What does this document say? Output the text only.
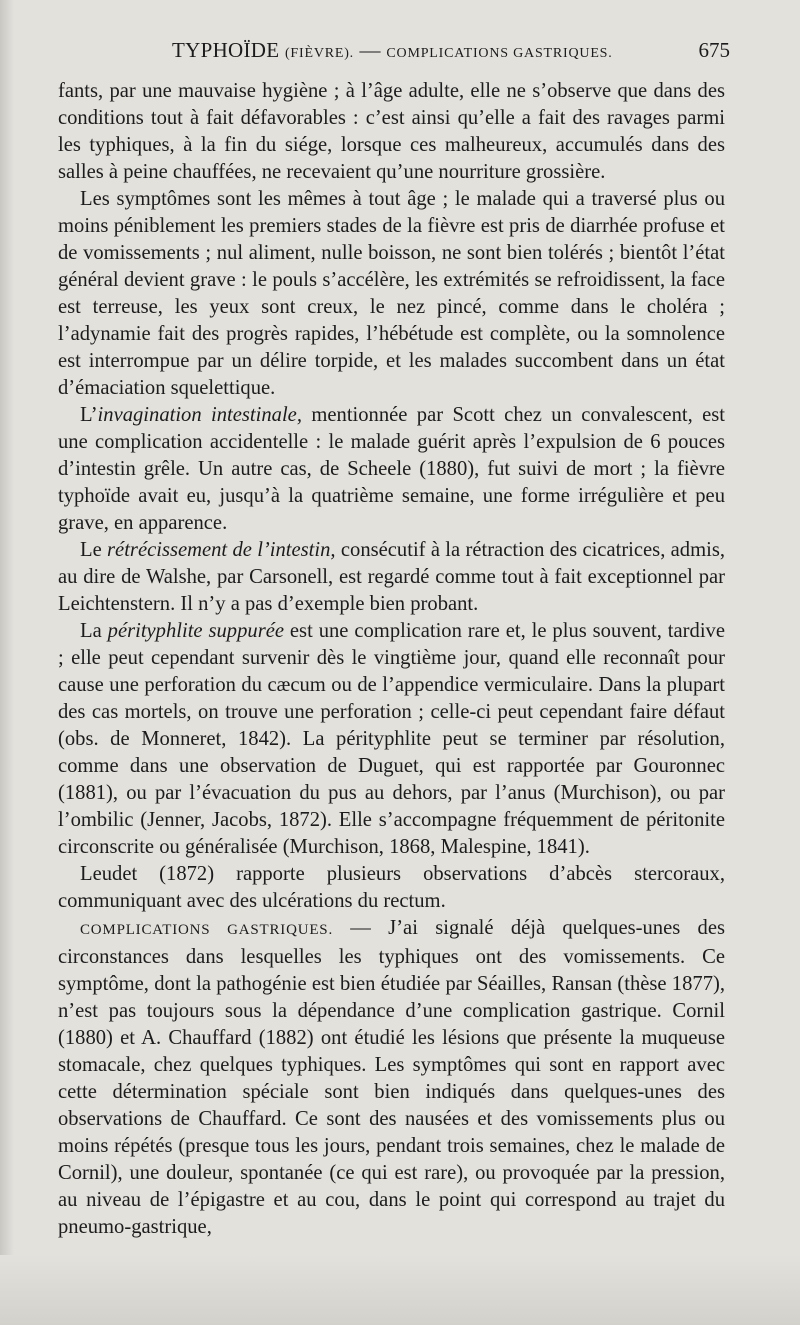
TYPHOÏDE (FIÈVRE). — COMPLICATIONS GASTRIQUES.	675

fants, par une mauvaise hygiène ; à l’âge adulte, elle ne s’observe que dans des conditions tout à fait défavorables : c’est ainsi qu’elle a fait des ravages parmi les typhiques, à la fin du siége, lorsque ces malheureux, accumulés dans des salles à peine chauffées, ne recevaient qu’une nourriture grossière.

Les symptômes sont les mêmes à tout âge ; le malade qui a traversé plus ou moins péniblement les premiers stades de la fièvre est pris de diarrhée profuse et de vomissements ; nul aliment, nulle boisson, ne sont bien tolérés ; bientôt l’état général devient grave : le pouls s’accélère, les extrémités se refroidissent, la face est terreuse, les yeux sont creux, le nez pincé, comme dans le choléra ; l’adynamie fait des progrès rapides, l’hébétude est complète, ou la somnolence est interrompue par un délire torpide, et les malades succombent dans un état d’émaciation squelettique.

L’invagination intestinale, mentionnée par Scott chez un convalescent, est une complication accidentelle : le malade guérit après l’expulsion de 6 pouces d’intestin grêle. Un autre cas, de Scheele (1880), fut suivi de mort ; la fièvre typhoïde avait eu, jusqu’à la quatrième semaine, une forme irrégulière et peu grave, en apparence.

Le rétrécissement de l’intestin, consécutif à la rétraction des cicatrices, admis, au dire de Walshe, par Carsonell, est regardé comme tout à fait exceptionnel par Leichtenstern. Il n’y a pas d’exemple bien probant.

La pérityphlite suppurée est une complication rare et, le plus souvent, tardive ; elle peut cependant survenir dès le vingtième jour, quand elle reconnaît pour cause une perforation du cæcum ou de l’appendice vermiculaire. Dans la plupart des cas mortels, on trouve une perforation ; celle-ci peut cependant faire défaut (obs. de Monneret, 1842). La pérityphlite peut se terminer par résolution, comme dans une observation de Duguet, qui est rapportée par Gouronnec (1881), ou par l’évacuation du pus au dehors, par l’anus (Murchison), ou par l’ombilic (Jenner, Jacobs, 1872). Elle s’accompagne fréquemment de péritonite circonscrite ou généralisée (Murchison, 1868, Malespine, 1841).

Leudet (1872) rapporte plusieurs observations d’abcès stercoraux, communiquant avec des ulcérations du rectum.

COMPLICATIONS GASTRIQUES. — J’ai signalé déjà quelques-unes des circonstances dans lesquelles les typhiques ont des vomissements. Ce symptôme, dont la pathogénie est bien étudiée par Séailles, Ransan (thèse 1877), n’est pas toujours sous la dépendance d’une complication gastrique. Cornil (1880) et A. Chauffard (1882) ont étudié les lésions que présente la muqueuse stomacale, chez quelques typhiques. Les symptômes qui sont en rapport avec cette détermination spéciale sont bien indiqués dans quelques-unes des observations de Chauffard. Ce sont des nausées et des vomissements plus ou moins répétés (presque tous les jours, pendant trois semaines, chez le malade de Cornil), une douleur, spontanée (ce qui est rare), ou provoquée par la pression, au niveau de l’épigastre et au cou, dans le point qui correspond au trajet du pneumo-gastrique,
